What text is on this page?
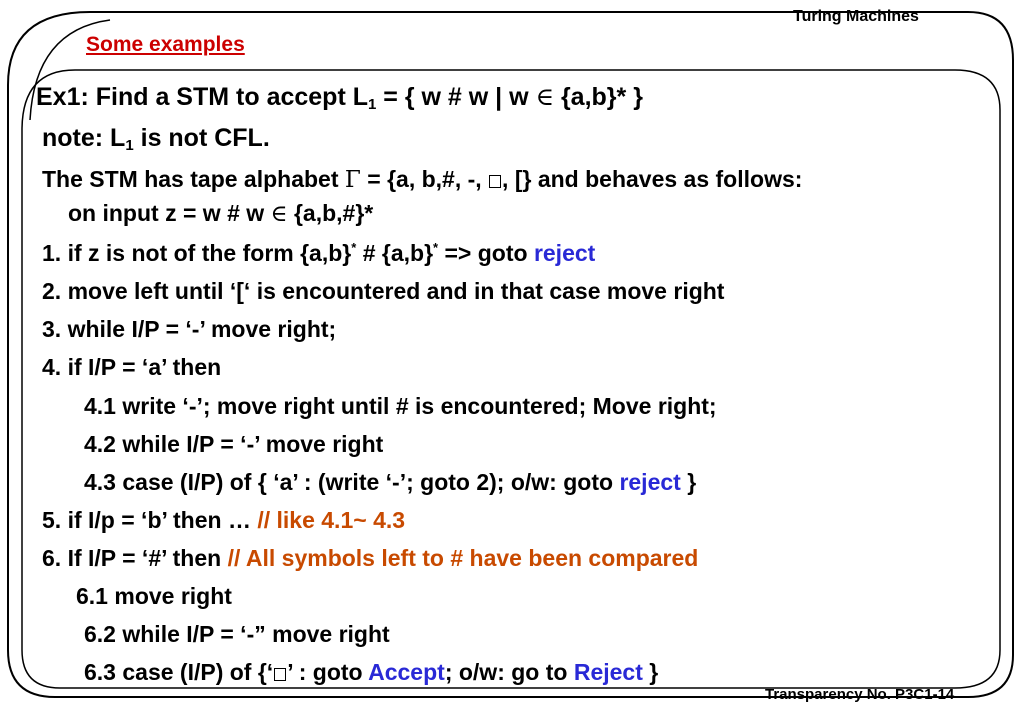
Turing Machines
Some examples
Ex1: Find a STM to accept $L_1$ = { w # w | w ∈ {a,b}* }
note: $L_1$ is not CFL.
The STM has tape alphabet Γ = {a, b,#, -, , [} and behaves as follows:
on input z = w # w ∈ {a,b,#}*
1. if z is not of the form {a,b}* # {a,b}* => goto reject
2. move left until ‘[‘ is encountered and in that case move right
3. while I/P = ‘-’ move right;
4. if I/P = ‘a’ then
4.1 write ‘-’; move right until # is encountered; Move right;
4.2 while I/P = ‘-’ move right
4.3 case (I/P) of { ‘a’ : (write ‘-’; goto 2); o/w: goto reject }
5. if I/p = ‘b’ then … // like 4.1~ 4.3
6. If I/P = ‘#’ then // All symbols left to # have been compared
6.1 move right
6.2 while I/P = ‘-” move right
6.3 case (I/P) of {‘ ’ : goto Accept; o/w: go to Reject }
Transparency No. P3C1-14
